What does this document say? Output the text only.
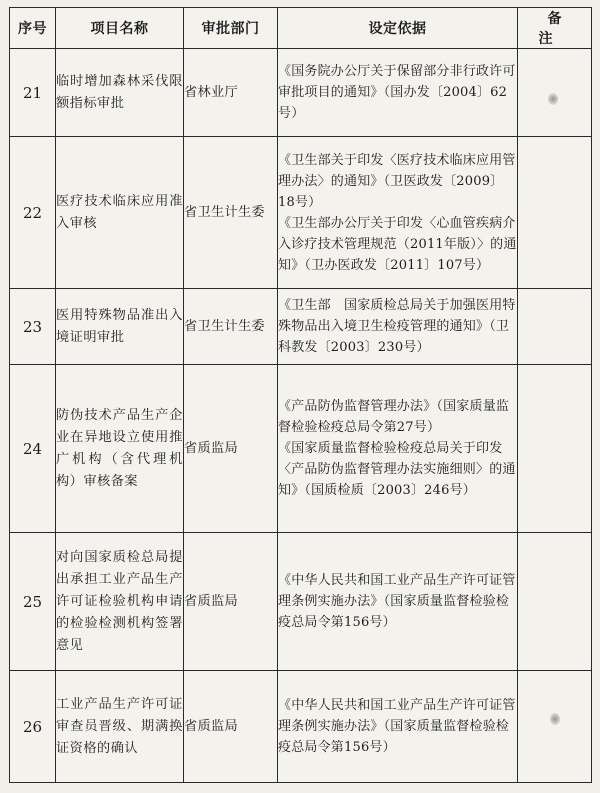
序号	项目名称	审批部门	设定依据	备注
21	临时增加森林采伐限额指标审批	省林业厅	《国务院办公厅关于保留部分非行政许可审批项目的通知》（国办发〔2004〕62号）	

22	医疗技术临床应用准入审核	省卫生计生委	《卫生部关于印发〈医疗技术临床应用管理办法〉的通知》（卫医政发〔2009〕18号）
《卫生部办公厅关于印发〈心血管疾病介入诊疗技术管理规范（2011年版）〉的通知》（卫办医政发〔2011〕107号）	

23	医用特殊物品准出入境证明审批	省卫生计生委	《卫生部　国家质检总局关于加强医用特殊物品出入境卫生检疫管理的通知》（卫科教发〔2003〕230号）	

24	防伪技术产品生产企业在异地设立使用推广机构（含代理机构）审核备案	省质监局	《产品防伪监督管理办法》（国家质量监督检验检疫总局令第27号）
《国家质量监督检验检疫总局关于印发〈产品防伪监督管理办法实施细则〉的通知》（国质检质〔2003〕246号）	

25	对向国家质检总局提出承担工业产品生产许可证检验机构申请的检验检测机构签署意见	省质监局	《中华人民共和国工业产品生产许可证管理条例实施办法》（国家质量监督检验检疫总局令第156号）	

26	工业产品生产许可证审查员晋级、期满换证资格的确认	省质监局	《中华人民共和国工业产品生产许可证管理条例实施办法》（国家质量监督检验检疫总局令第156号）	
